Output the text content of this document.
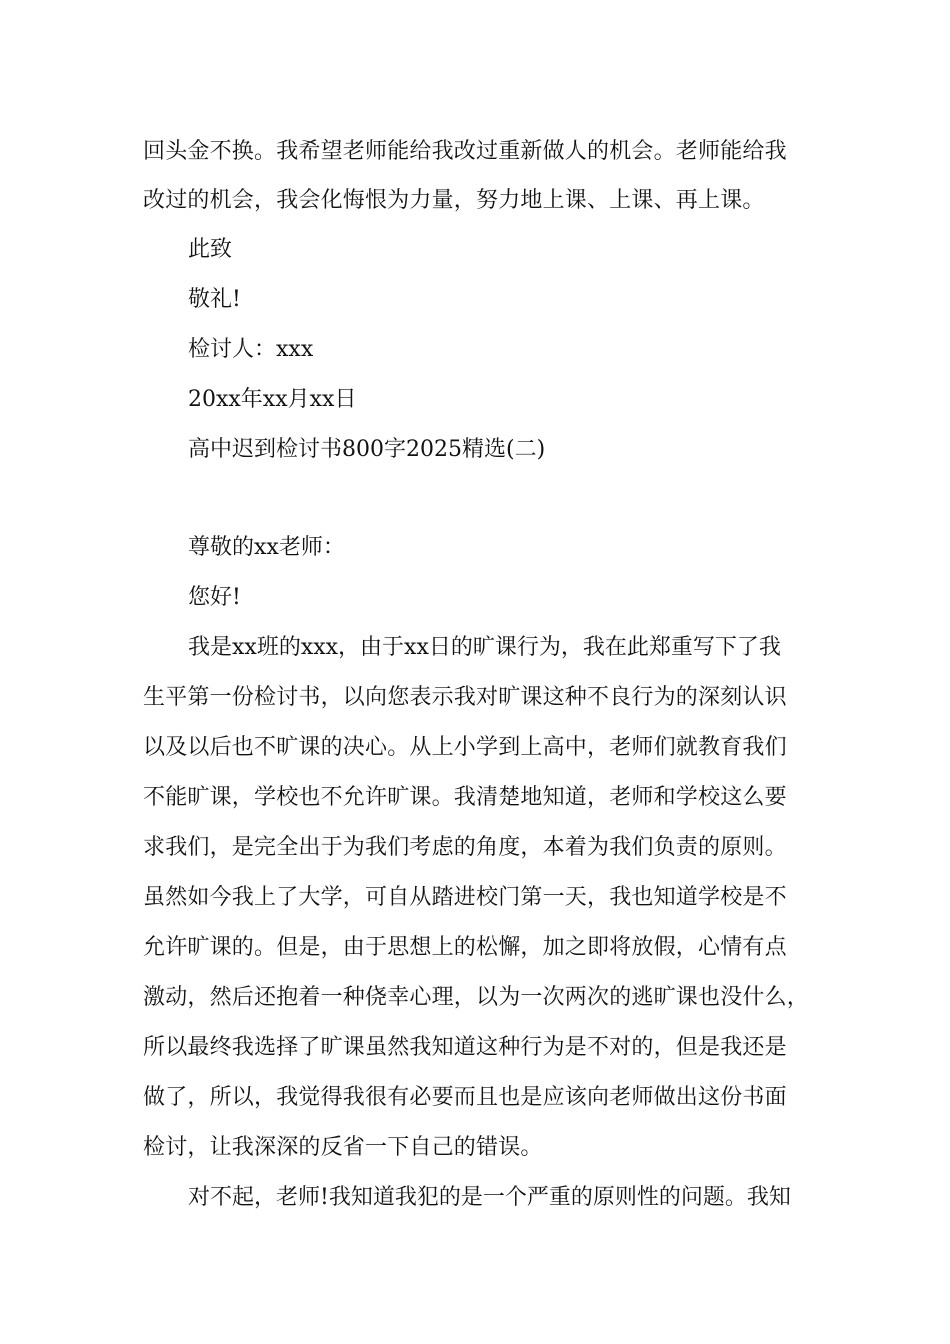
回头金不换。我希望老师能给我改过重新做人的机会。老师能给我

改过的机会，我会化悔恨为力量，努力地上课、上课、再上课。

此致

敬礼!

检讨人：xxx

20xx年xx月xx日

高中迟到检讨书800字2025精选(二)

尊敬的xx老师：

您好!

我是xx班的xxx，由于xx日的旷课行为，我在此郑重写下了我

生平第一份检讨书，以向您表示我对旷课这种不良行为的深刻认识

以及以后也不旷课的决心。从上小学到上高中，老师们就教育我们

不能旷课，学校也不允许旷课。我清楚地知道，老师和学校这么要

求我们，是完全出于为我们考虑的角度，本着为我们负责的原则。

虽然如今我上了大学，可自从踏进校门第一天，我也知道学校是不

允许旷课的。但是，由于思想上的松懈，加之即将放假，心情有点

激动，然后还抱着一种侥幸心理，以为一次两次的逃旷课也没什么，

所以最终我选择了旷课虽然我知道这种行为是不对的，但是我还是

做了，所以，我觉得我很有必要而且也是应该向老师做出这份书面

检讨，让我深深的反省一下自己的错误。

对不起，老师!我知道我犯的是一个严重的原则性的问题。我知
